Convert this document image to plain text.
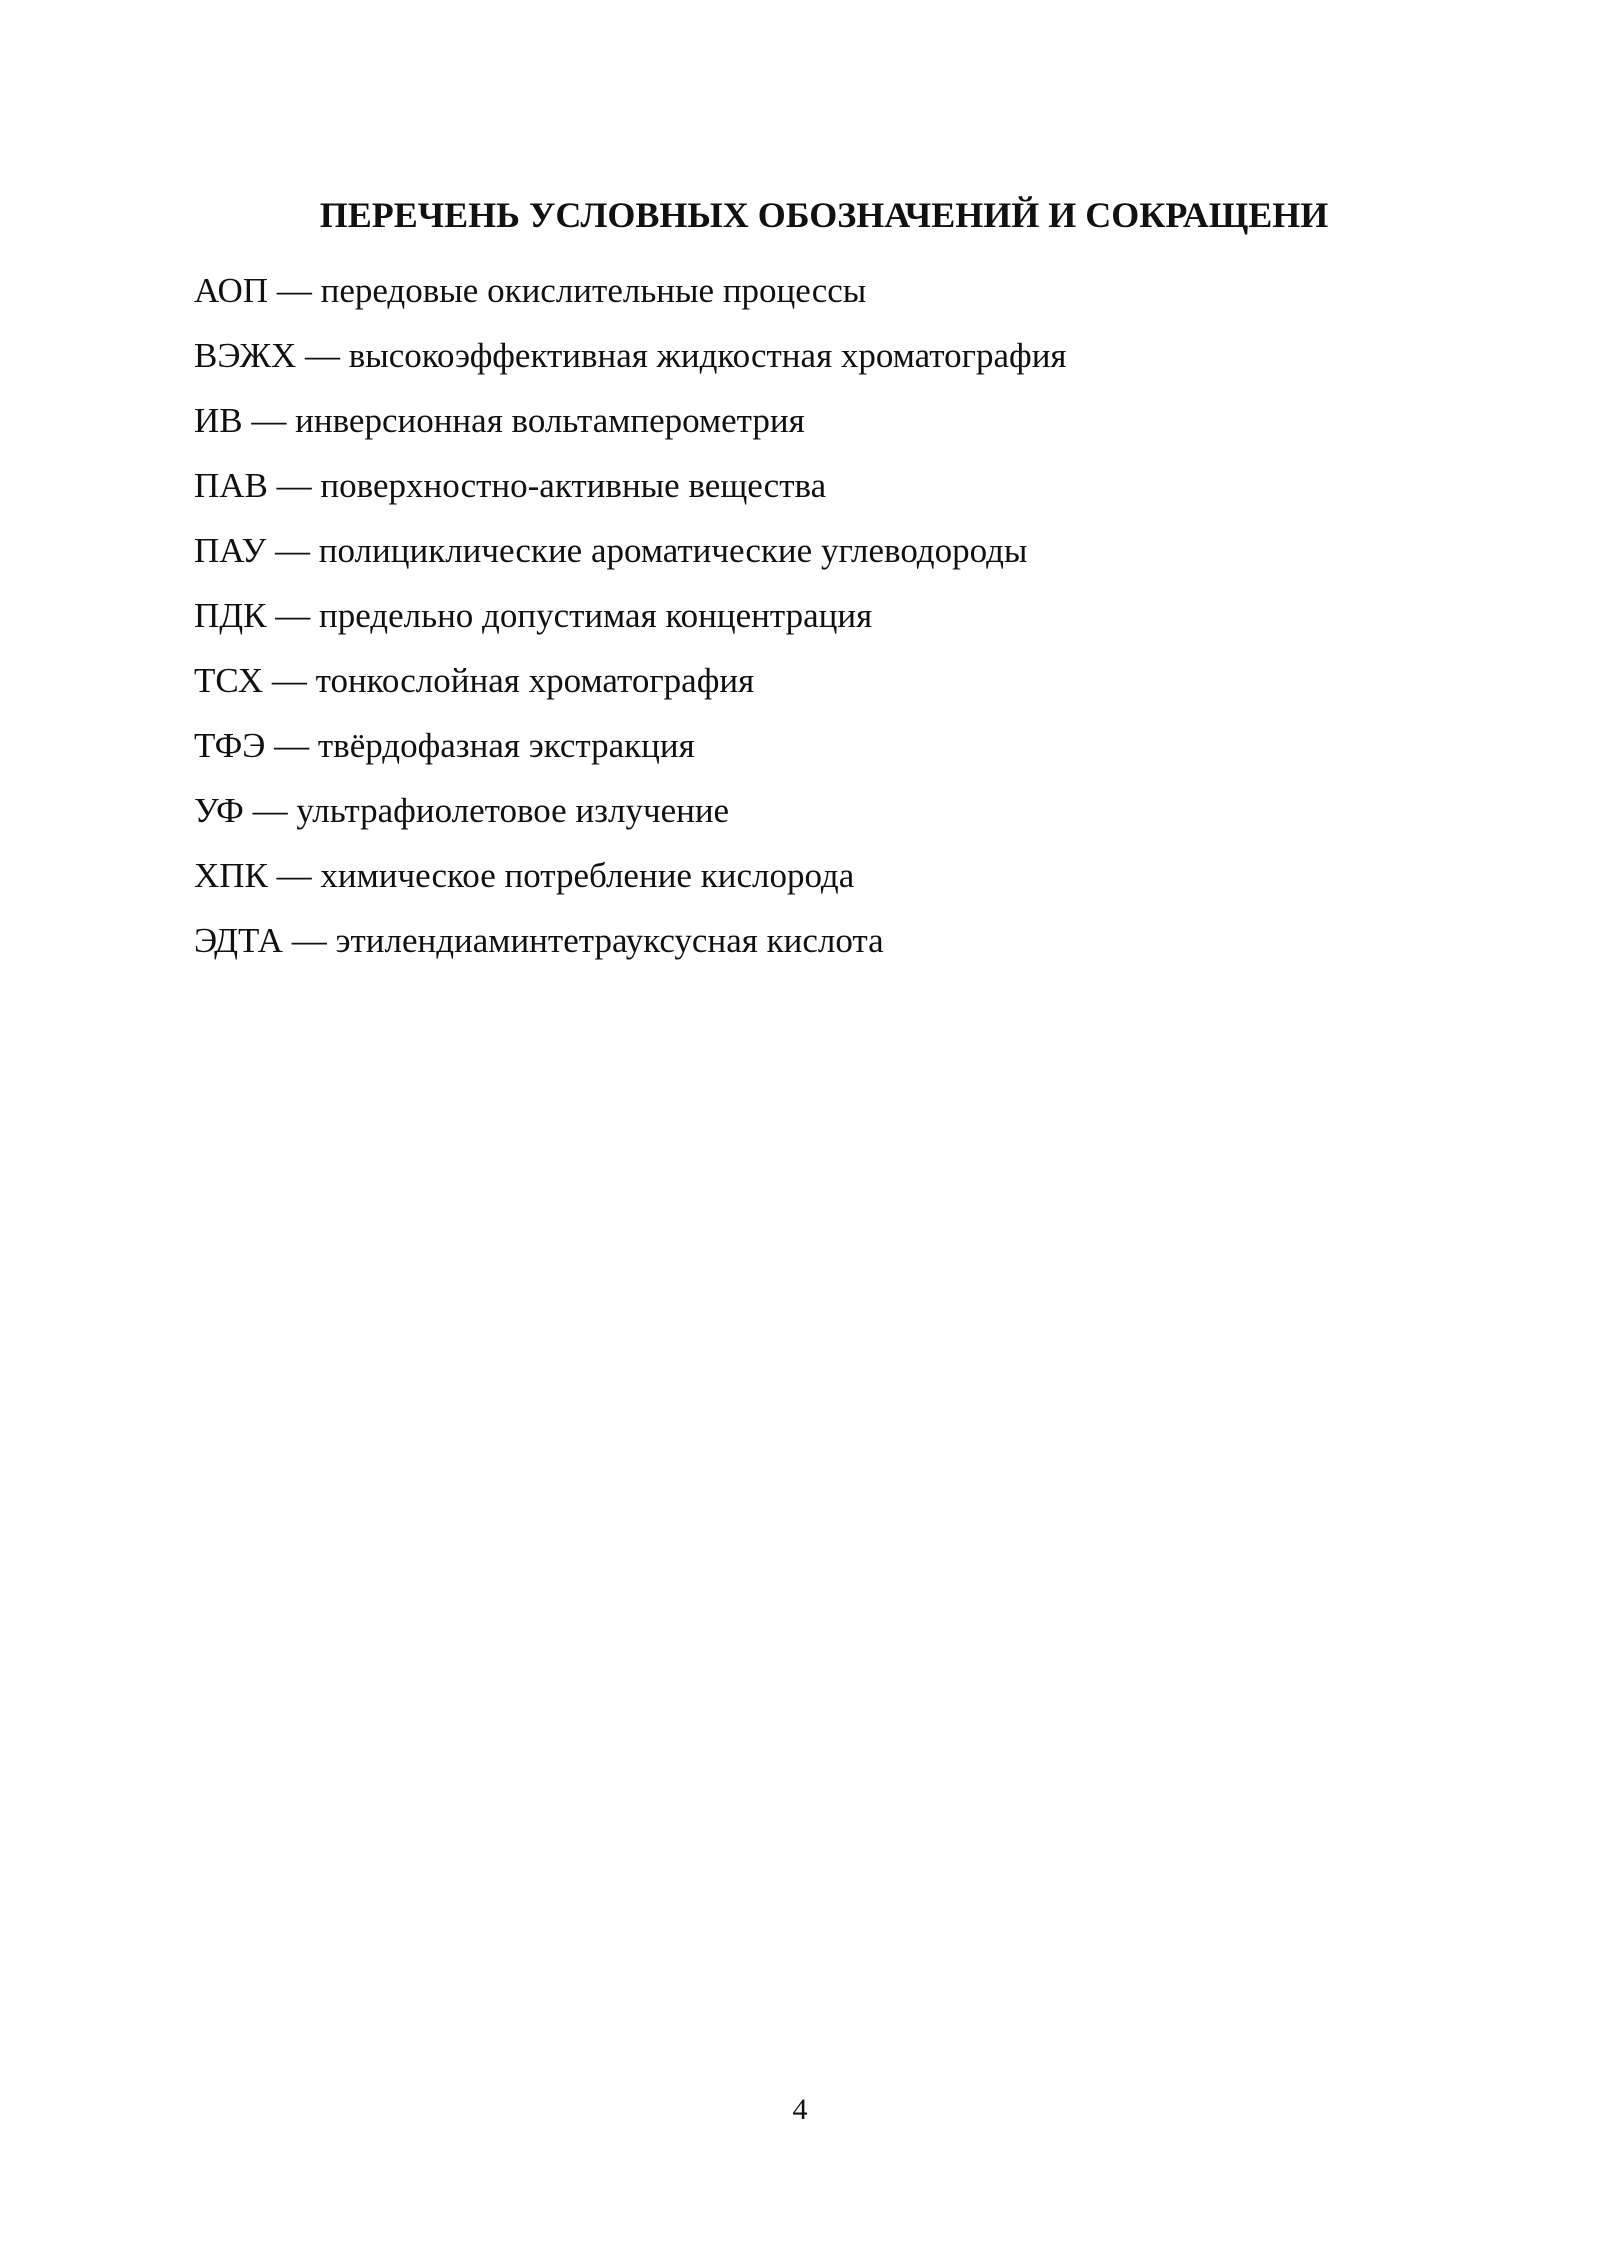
ПЕРЕЧЕНЬ УСЛОВНЫХ ОБОЗНАЧЕНИЙ И СОКРАЩЕНИ
АОП — передовые окислительные процессы
ВЭЖХ — высокоэффективная жидкостная хроматография
ИВ — инверсионная вольтамперометрия
ПАВ — поверхностно-активные вещества
ПАУ — полициклические ароматические углеводороды
ПДК — предельно допустимая концентрация
ТСХ — тонкослойная хроматография
ТФЭ — твёрдофазная экстракция
УФ — ультрафиолетовое излучение
ХПК — химическое потребление кислорода
ЭДТА — этилендиаминтетрауксусная кислота
4
